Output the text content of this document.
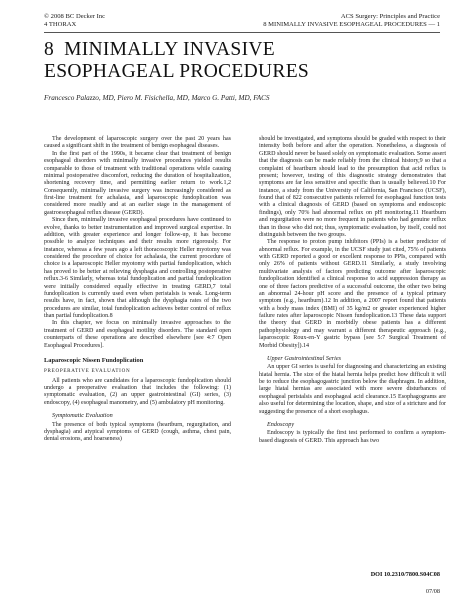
© 2008 BC Decker Inc
4 THORAX
ACS Surgery: Principles and Practice
8 MINIMALLY INVASIVE ESOPHAGEAL PROCEDURES — 1
8 MINIMALLY INVASIVE
ESOPHAGEAL PROCEDURES
Francesco Palazzo, MD, Piero M. Fisichella, MD, Marco G. Patti, MD, FACS

The development of laparoscopic surgery over the past 20 years has caused a significant shift in the treatment of benign esophageal diseases.

In the first part of the 1990s, it became clear that treatment of benign esophageal disorders with minimally invasive procedures yielded results comparable to those of treatment with traditional operations while causing minimal postoperative discomfort, reducing the duration of hospitalization, shortening recovery time, and permitting earlier return to work.1,2 Consequently, minimally invasive surgery was increasingly considered as first-line treatment for achalasia, and laparoscopic fundoplication was considered more readily and at an earlier stage in the management of gastroesophageal reflux disease (GERD).

Since then, minimally invasive esophageal procedures have continued to evolve, thanks to better instrumentation and improved surgical expertise. In addition, with greater experience and longer follow-up, it has become possible to analyze techniques and their results more rigorously. For instance, whereas a few years ago a left thoracoscopic Heller myotomy was considered the procedure of choice for achalasia, the current procedure of choice is a laparoscopic Heller myotomy with partial fundoplication, which has proved to be better at relieving dysphagia and controlling postoperative reflux.3-6 Similarly, whereas total fundoplication and partial fundoplication were initially considered equally effective in treating GERD,7 total fundoplication is currently used even when peristalsis is weak. Long-term results have, in fact, shown that although the dysphagia rates of the two procedures are similar, total fundoplication achieves better control of reflux than partial fundoplication.8

In this chapter, we focus on minimally invasive approaches to the treatment of GERD and esophageal motility disorders. The standard open counterparts of these operations are described elsewhere [see 4:7 Open Esophageal Procedures].

Laparoscopic Nissen Fundoplication
PREOPERATIVE EVALUATION

All patients who are candidates for a laparoscopic fundoplication should undergo a preoperative evaluation that includes the following: (1) symptomatic evaluation, (2) an upper gastrointestinal (GI) series, (3) endoscopy, (4) esophageal manometry, and (5) ambulatory pH monitoring.

Symptomatic Evaluation

The presence of both typical symptoms (heartburn, regurgitation, and dysphagia) and atypical symptoms of GERD (cough, asthma, chest pain, dental erosions, and hoarseness)

should be investigated, and symptoms should be graded with respect to their intensity both before and after the operation. Nonetheless, a diagnosis of GERD should never be based solely on symptomatic evaluation. Some assert that the diagnosis can be made reliably from the clinical history,9 so that a complaint of heartburn should lead to the presumption that acid reflux is present; however, testing of this diagnostic strategy demonstrates that symptoms are far less sensitive and specific than is usually believed.10 For instance, a study from the University of California, San Francisco (UCSF), found that of 822 consecutive patients referred for esophageal function tests with a clinical diagnosis of GERD (based on symptoms and endoscopic findings), only 70% had abnormal reflux on pH monitoring.11 Heartburn and regurgitation were no more frequent in patients who had genuine reflux than in those who did not; thus, symptomatic evaluation, by itself, could not distinguish between the two groups.

The response to proton pump inhibitors (PPIs) is a better predictor of abnormal reflux. For example, in the UCSF study just cited, 75% of patients with GERD reported a good or excellent response to PPIs, compared with only 26% of patients without GERD.11 Similarly, a study involving multivariate analysis of factors predicting outcome after laparoscopic fundoplication identified a clinical response to acid suppression therapy as one of three factors predictive of a successful outcome, the other two being an abnormal 24-hour pH score and the presence of a typical primary symptom (e.g., heartburn).12 In addition, a 2007 report found that patients with a body mass index (BMI) of 35 kg/m2 or greater experienced higher failure rates after laparoscopic Nissen fundoplication.13 These data support the theory that GERD in morbidly obese patients has a different pathophysiology and may warrant a different therapeutic approach (e.g., laparoscopic Roux-en-Y gastric bypass [see 5:7 Surgical Treatment of Morbid Obesity]).14

Upper Gastrointestinal Series

An upper GI series is useful for diagnosing and characterizing an existing hiatal hernia. The size of the hiatal hernia helps predict how difficult it will be to reduce the esophagogastric junction below the diaphragm. In addition, large hiatal hernias are associated with more severe disturbances of esophageal peristalsis and esophageal acid clearance.15 Esophagograms are also useful for determining the location, shape, and size of a stricture and for suggesting the presence of a short esophagus.

Endoscopy

Endoscopy is typically the first test performed to confirm a symptom-based diagnosis of GERD. This approach has two

DOI 10.2310/7800.S04C08
07/08
